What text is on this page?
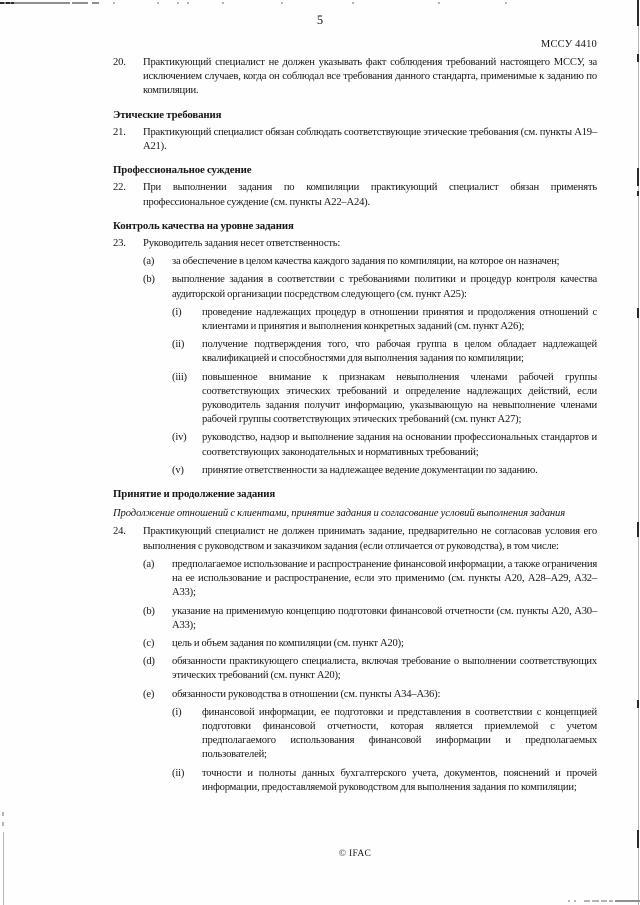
5
МССУ 4410
20.	Практикующий специалист не должен указывать факт соблюдения требований настоящего МССУ, за исключением случаев, когда он соблюдал все требования данного стандарта, применимые к заданию по компиляции.
Этические требования
21.	Практикующий специалист обязан соблюдать соответствующие этические требования (см. пункты А19–А21).
Профессиональное суждение
22.	При выполнении задания по компиляции практикующий специалист обязан применять профессиональное суждение (см. пункты А22–А24).
Контроль качества на уровне задания
23.	Руководитель задания несет ответственность:
(a)	за обеспечение в целом качества каждого задания по компиляции, на которое он назначен;
(b)	выполнение задания в соответствии с требованиями политики и процедур контроля качества аудиторской организации посредством следующего (см. пункт А25):
(i)	проведение надлежащих процедур в отношении принятия и продолжения отношений с клиентами и принятия и выполнения конкретных заданий (см. пункт А26);
(ii)	получение подтверждения того, что рабочая группа в целом обладает надлежащей квалификацией и способностями для выполнения задания по компиляции;
(iii)	повышенное внимание к признакам невыполнения членами рабочей группы соответствующих этических требований и определение надлежащих действий, если руководитель задания получит информацию, указывающую на невыполнение членами рабочей группы соответствующих этических требований (см. пункт А27);
(iv)	руководство, надзор и выполнение задания на основании профессиональных стандартов и соответствующих законодательных и нормативных требований;
(v)	принятие ответственности за надлежащее ведение документации по заданию.
Принятие и продолжение задания
Продолжение отношений с клиентами, принятие задания и согласование условий выполнения задания
24.	Практикующий специалист не должен принимать задание, предварительно не согласовав условия его выполнения с руководством и заказчиком задания (если отличается от руководства), в том числе:
(a)	предполагаемое использование и распространение финансовой информации, а также ограничения на ее использование и распространение, если это применимо (см. пункты А20, А28–А29, А32–А33);
(b)	указание на применимую концепцию подготовки финансовой отчетности (см. пункты А20, А30–А33);
(c)	цель и объем задания по компиляции (см. пункт А20);
(d)	обязанности практикующего специалиста, включая требование о выполнении соответствующих этических требований (см. пункт А20);
(e)	обязанности руководства в отношении (см. пункты А34–А36):
(i)	финансовой информации, ее подготовки и представления в соответствии с концепцией подготовки финансовой отчетности, которая является приемлемой с учетом предполагаемого использования финансовой информации и предполагаемых пользователей;
(ii)	точности и полноты данных бухгалтерского учета, документов, пояснений и прочей информации, предоставляемой руководством для выполнения задания по компиляции;
© IFAC
